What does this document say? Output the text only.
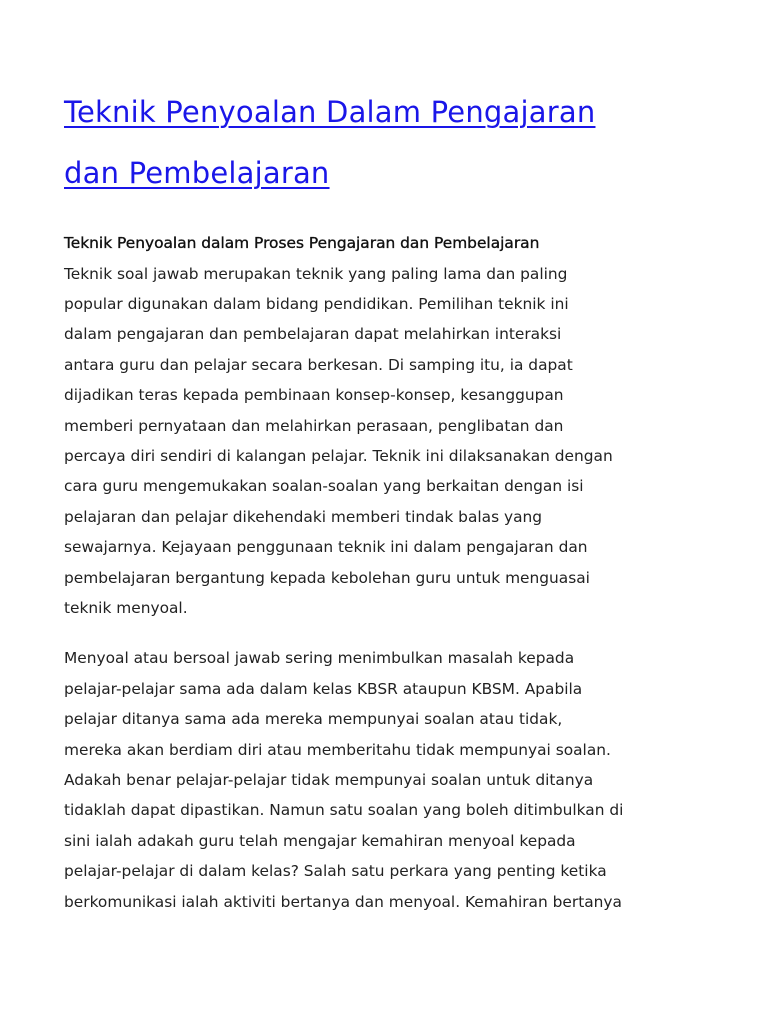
Teknik Penyoalan Dalam Pengajaran
dan Pembelajaran

Teknik Penyoalan dalam Proses Pengajaran dan Pembelajaran

Teknik soal jawab merupakan teknik yang paling lama dan paling
popular digunakan dalam bidang pendidikan. Pemilihan teknik ini
dalam pengajaran dan pembelajaran dapat melahirkan interaksi
antara guru dan pelajar secara berkesan. Di samping itu, ia dapat
dijadikan teras kepada pembinaan konsep-konsep, kesanggupan
memberi pernyataan dan melahirkan perasaan, penglibatan dan
percaya diri sendiri di kalangan pelajar. Teknik ini dilaksanakan dengan
cara guru mengemukakan soalan-soalan yang berkaitan dengan isi
pelajaran dan pelajar dikehendaki memberi tindak balas yang
sewajarnya. Kejayaan penggunaan teknik ini dalam pengajaran dan
pembelajaran bergantung kepada kebolehan guru untuk menguasai
teknik menyoal.

Menyoal atau bersoal jawab sering menimbulkan masalah kepada
pelajar-pelajar sama ada dalam kelas KBSR ataupun KBSM. Apabila
pelajar ditanya sama ada mereka mempunyai soalan atau tidak,
mereka akan berdiam diri atau memberitahu tidak mempunyai soalan.
Adakah benar pelajar-pelajar tidak mempunyai soalan untuk ditanya
tidaklah dapat dipastikan. Namun satu soalan yang boleh ditimbulkan di
sini ialah adakah guru telah mengajar kemahiran menyoal kepada
pelajar-pelajar di dalam kelas? Salah satu perkara yang penting ketika
berkomunikasi ialah aktiviti bertanya dan menyoal. Kemahiran bertanya
